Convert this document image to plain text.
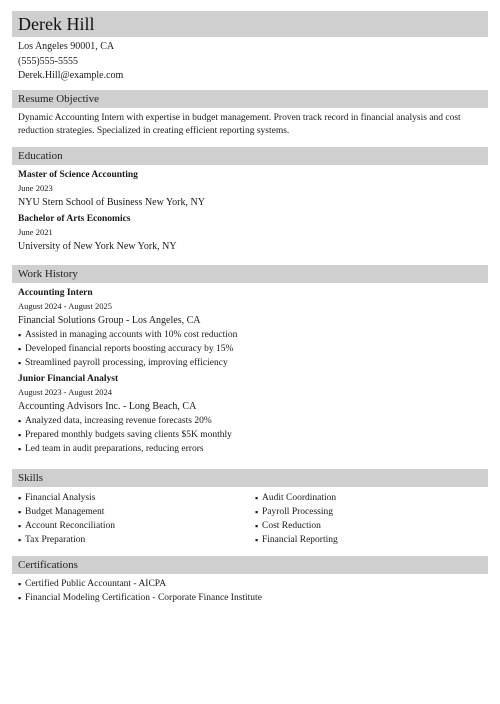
Derek Hill
Los Angeles 90001, CA
(555)555-5555
Derek.Hill@example.com
Resume Objective
Dynamic Accounting Intern with expertise in budget management. Proven track record in financial analysis and cost reduction strategies. Specialized in creating efficient reporting systems.
Education
Master of Science Accounting
June 2023
NYU Stern School of Business New York, NY
Bachelor of Arts Economics
June 2021
University of New York New York, NY
Work History
Accounting Intern
August 2024 - August 2025
Financial Solutions Group - Los Angeles, CA
▪ Assisted in managing accounts with 10% cost reduction
▪ Developed financial reports boosting accuracy by 15%
▪ Streamlined payroll processing, improving efficiency
Junior Financial Analyst
August 2023 - August 2024
Accounting Advisors Inc. - Long Beach, CA
▪ Analyzed data, increasing revenue forecasts 20%
▪ Prepared monthly budgets saving clients $5K monthly
▪ Led team in audit preparations, reducing errors
Skills
▪ Financial Analysis
▪ Budget Management
▪ Account Reconciliation
▪ Tax Preparation
▪ Audit Coordination
▪ Payroll Processing
▪ Cost Reduction
▪ Financial Reporting
Certifications
▪ Certified Public Accountant - AICPA
▪ Financial Modeling Certification - Corporate Finance Institute
